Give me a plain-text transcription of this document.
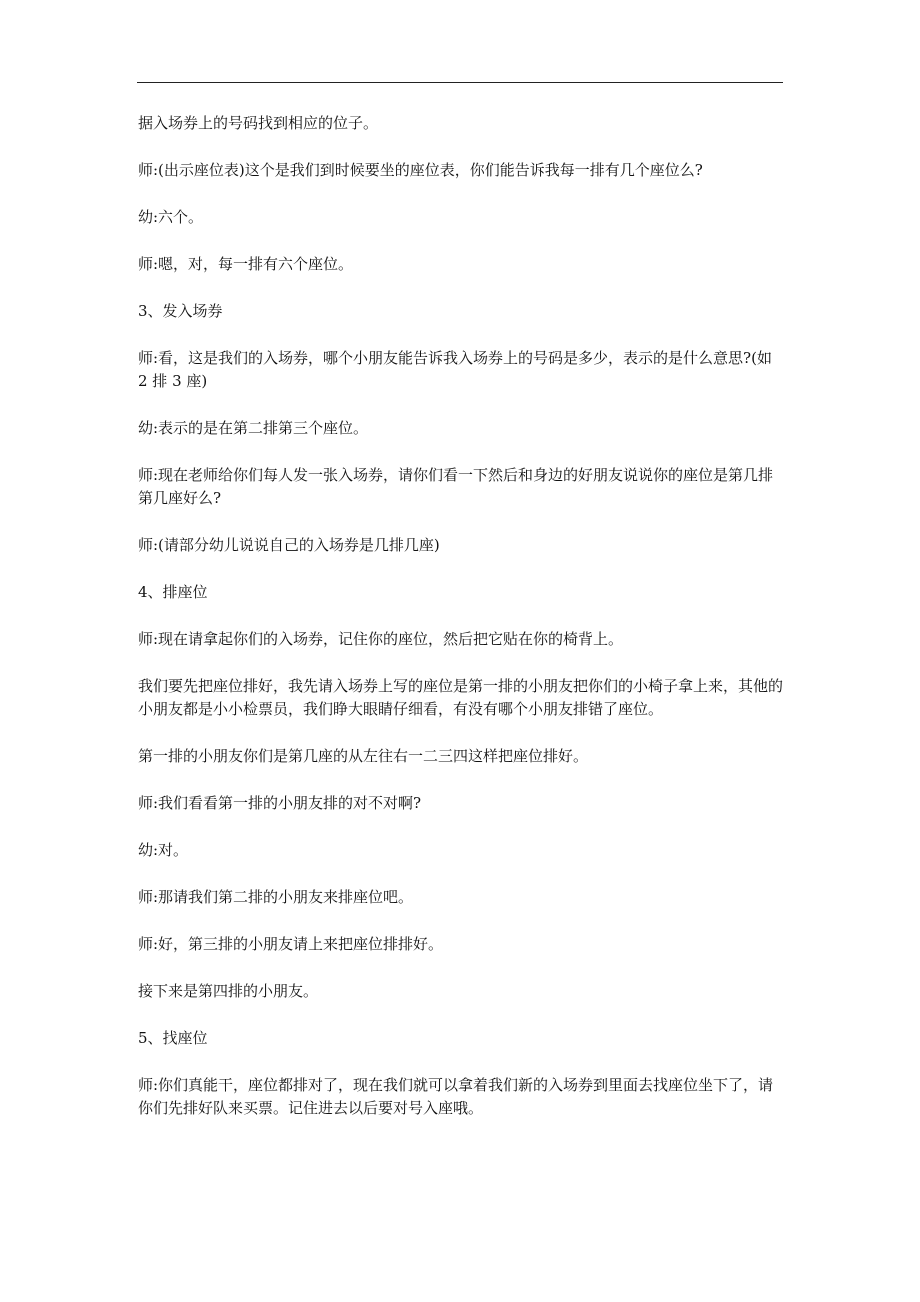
据入场券上的号码找到相应的位子。

师:(出示座位表)这个是我们到时候要坐的座位表，你们能告诉我每一排有几个座位么?

幼:六个。

师:嗯，对，每一排有六个座位。

3、发入场券

师:看，这是我们的入场券，哪个小朋友能告诉我入场券上的号码是多少，表示的是什么意思?(如 2 排 3 座)

幼:表示的是在第二排第三个座位。

师:现在老师给你们每人发一张入场券，请你们看一下然后和身边的好朋友说说你的座位是第几排第几座好么?

师:(请部分幼儿说说自己的入场券是几排几座)

4、排座位

师:现在请拿起你们的入场券，记住你的座位，然后把它贴在你的椅背上。

我们要先把座位排好，我先请入场券上写的座位是第一排的小朋友把你们的小椅子拿上来，其他的小朋友都是小小检票员，我们睁大眼睛仔细看，有没有哪个小朋友排错了座位。

第一排的小朋友你们是第几座的从左往右一二三四这样把座位排好。

师:我们看看第一排的小朋友排的对不对啊?

幼:对。

师:那请我们第二排的小朋友来排座位吧。

师:好，第三排的小朋友请上来把座位排排好。

接下来是第四排的小朋友。

5、找座位

师:你们真能干，座位都排对了，现在我们就可以拿着我们新的入场券到里面去找座位坐下了，请你们先排好队来买票。记住进去以后要对号入座哦。
